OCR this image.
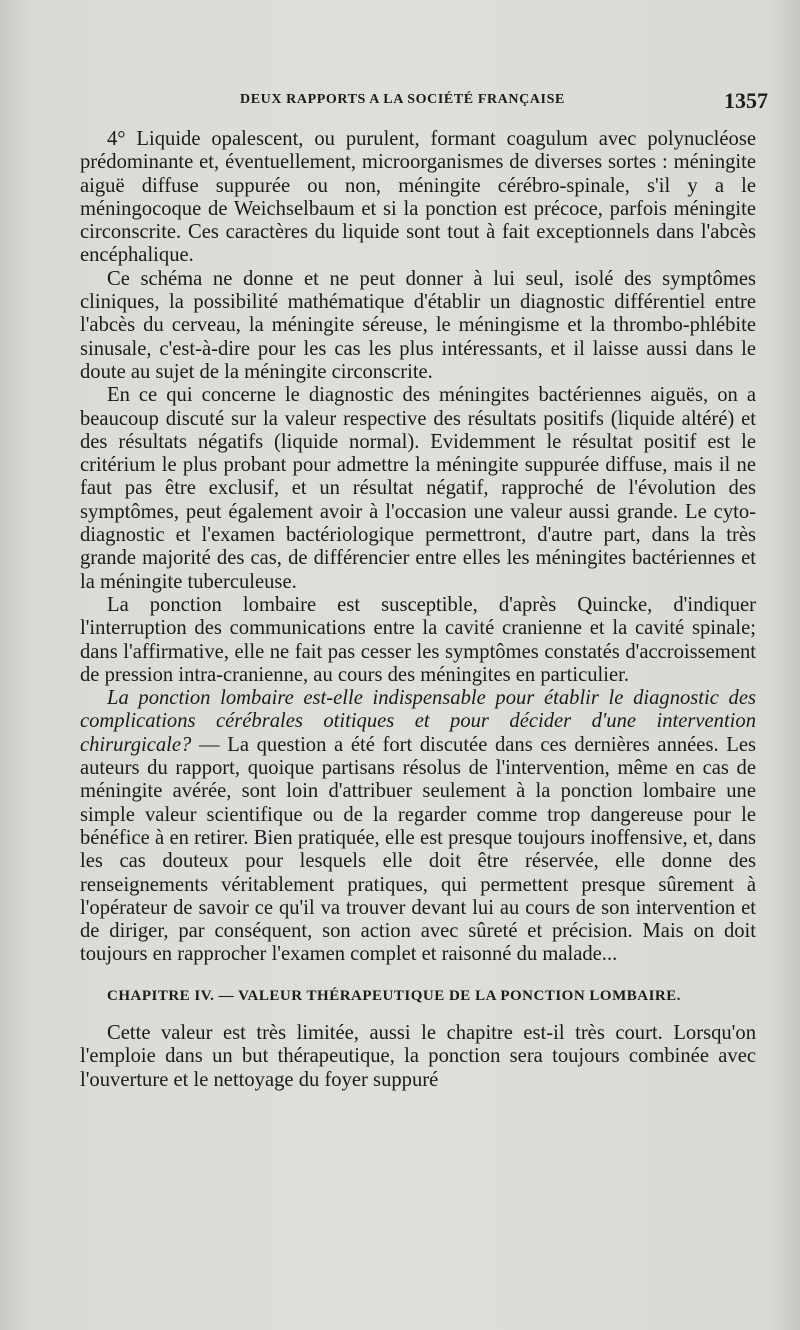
DEUX RAPPORTS A LA SOCIÉTÉ FRANÇAISE	1357

4° Liquide opalescent, ou purulent, formant coagulum avec polynucléose prédominante et, éventuellement, microorganismes de diverses sortes : méningite aiguë diffuse suppurée ou non, méningite cérébro-spinale, s'il y a le méningocoque de Weichselbaum et si la ponction est précoce, parfois méningite circonscrite. Ces caractères du liquide sont tout à fait exceptionnels dans l'abcès encéphalique.

Ce schéma ne donne et ne peut donner à lui seul, isolé des symptômes cliniques, la possibilité mathématique d'établir un diagnostic différentiel entre l'abcès du cerveau, la méningite séreuse, le méningisme et la thrombo-phlébite sinusale, c'est-à-dire pour les cas les plus intéressants, et il laisse aussi dans le doute au sujet de la méningite circonscrite.

En ce qui concerne le diagnostic des méningites bactériennes aiguës, on a beaucoup discuté sur la valeur respective des résultats positifs (liquide altéré) et des résultats négatifs (liquide normal). Evidemment le résultat positif est le critérium le plus probant pour admettre la méningite suppurée diffuse, mais il ne faut pas être exclusif, et un résultat négatif, rapproché de l'évolution des symptômes, peut également avoir à l'occasion une valeur aussi grande. Le cyto-diagnostic et l'examen bactériologique permettront, d'autre part, dans la très grande majorité des cas, de différencier entre elles les méningites bactériennes et la méningite tuberculeuse.

La ponction lombaire est susceptible, d'après Quincke, d'indiquer l'interruption des communications entre la cavité cranienne et la cavité spinale; dans l'affirmative, elle ne fait pas cesser les symptômes constatés d'accroissement de pression intra-cranienne, au cours des méningites en particulier.

La ponction lombaire est-elle indispensable pour établir le diagnostic des complications cérébrales otitiques et pour décider d'une intervention chirurgicale? — La question a été fort discutée dans ces dernières années. Les auteurs du rapport, quoique partisans résolus de l'intervention, même en cas de méningite avérée, sont loin d'attribuer seulement à la ponction lombaire une simple valeur scientifique ou de la regarder comme trop dangereuse pour le bénéfice à en retirer. Bien pratiquée, elle est presque toujours inoffensive, et, dans les cas douteux pour lesquels elle doit être réservée, elle donne des renseignements véritablement pratiques, qui permettent presque sûrement à l'opérateur de savoir ce qu'il va trouver devant lui au cours de son intervention et de diriger, par conséquent, son action avec sûreté et précision. Mais on doit toujours en rapprocher l'examen complet et raisonné du malade...

CHAPITRE IV. — VALEUR THÉRAPEUTIQUE DE LA PONCTION LOMBAIRE.

Cette valeur est très limitée, aussi le chapitre est-il très court. Lorsqu'on l'emploie dans un but thérapeutique, la ponction sera toujours combinée avec l'ouverture et le nettoyage du foyer suppuré
